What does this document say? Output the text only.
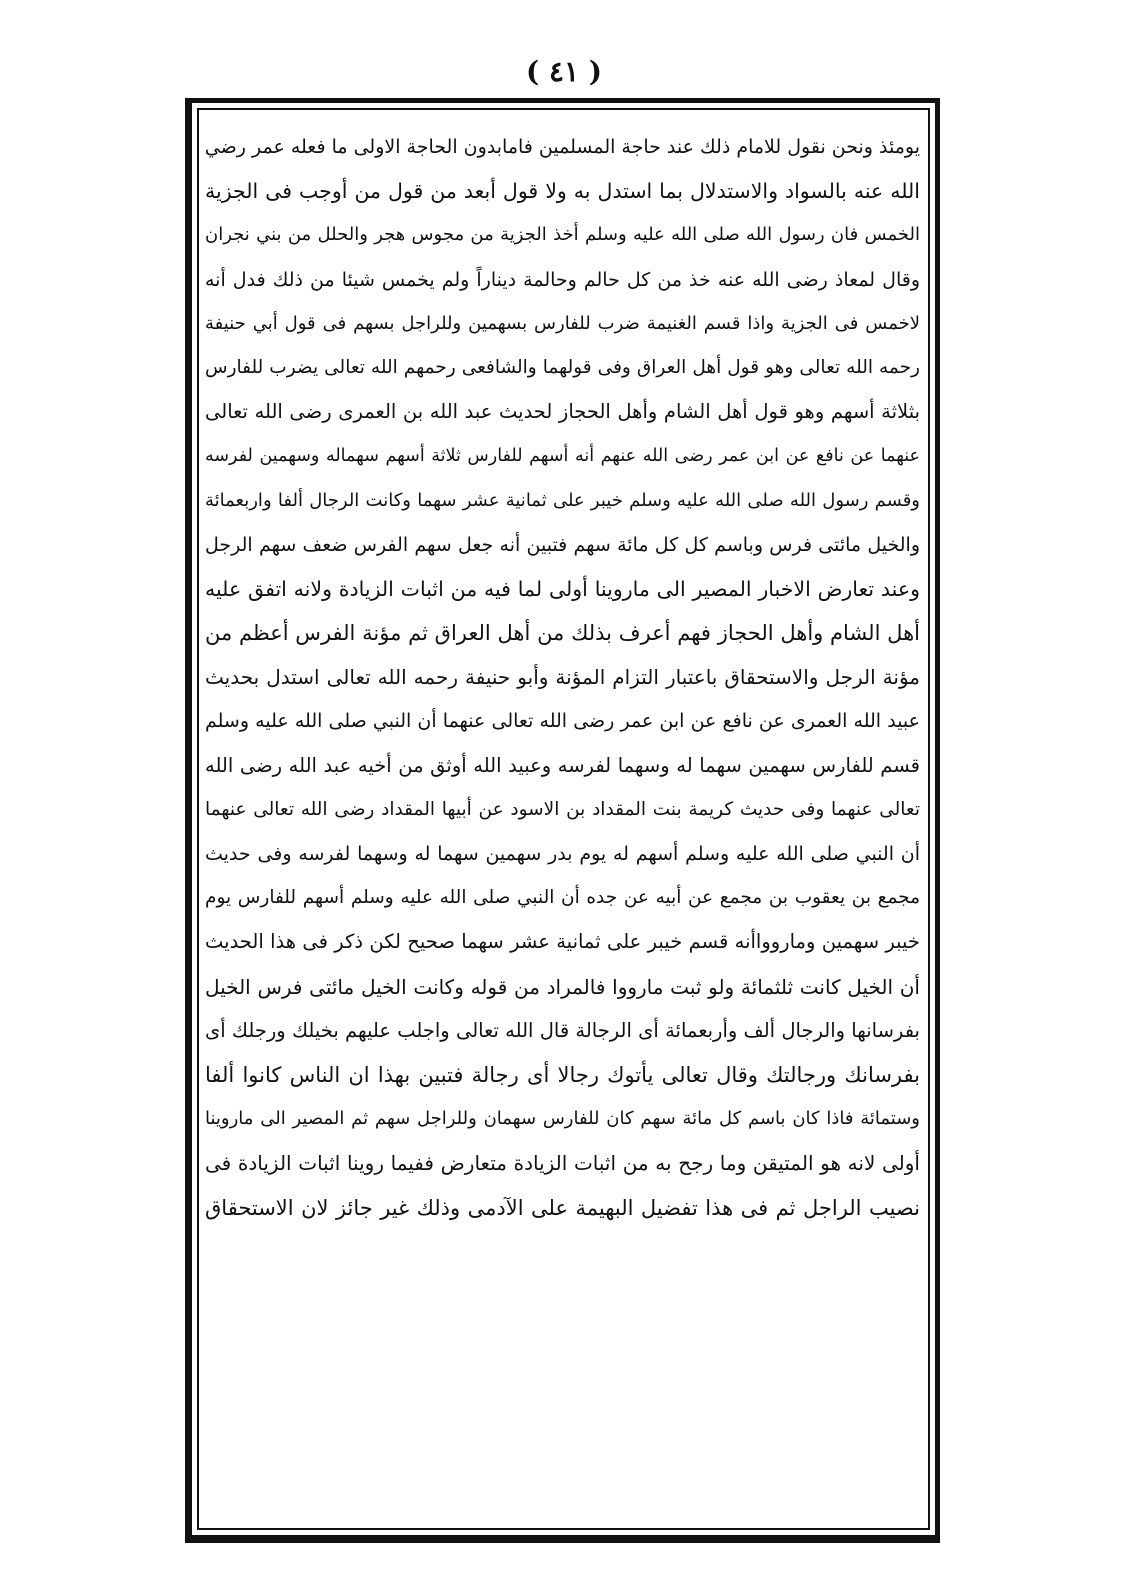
( ٤١ )
يومئذ ونحن نقول للامام ذلك عند حاجة المسلمين فامابدون الحاجة الاولى ما فعله عمر رضي
الله عنه بالسواد والاستدلال بما استدل به ولا قول أبعد من قول من أوجب فى الجزية
الخمس فان رسول الله صلى الله عليه وسلم أخذ الجزية من مجوس هجر والحلل من بني نجران
وقال لمعاذ رضى الله عنه خذ من كل حالم وحالمة ديناراً ولم يخمس شيئا من ذلك فدل أنه
لاخمس فى الجزية واذا قسم الغنيمة ضرب للفارس بسهمين وللراجل بسهم فى قول أبي حنيفة
رحمه الله تعالى وهو قول أهل العراق وفى قولهما والشافعى رحمهم الله تعالى يضرب للفارس
بثلاثة أسهم وهو قول أهل الشام وأهل الحجاز لحديث عبد الله بن العمرى رضى الله تعالى
عنهما عن نافع عن ابن عمر رضى الله عنهم أنه أسهم للفارس ثلاثة أسهم سهماله وسهمين لفرسه
وقسم رسول الله صلى الله عليه وسلم خيبر على ثمانية عشر سهما وكانت الرجال ألفا واربعمائة
والخيل مائتى فرس وباسم كل كل مائة سهم فتبين أنه جعل سهم الفرس ضعف سهم الرجل
وعند تعارض الاخبار المصير الى ماروينا أولى لما فيه من اثبات الزيادة ولانه اتفق عليه
أهل الشام وأهل الحجاز فهم أعرف بذلك من أهل العراق ثم مؤنة الفرس أعظم من
مؤنة الرجل والاستحقاق باعتبار التزام المؤنة وأبو حنيفة رحمه الله تعالى استدل بحديث
عبيد الله العمرى عن نافع عن ابن عمر رضى الله تعالى عنهما أن النبي صلى الله عليه وسلم
قسم للفارس سهمين سهما له وسهما لفرسه وعبيد الله أوثق من أخيه عبد الله رضى الله
تعالى عنهما وفى حديث كريمة بنت المقداد بن الاسود عن أبيها المقداد رضى الله تعالى عنهما
أن النبي صلى الله عليه وسلم أسهم له يوم بدر سهمين سهما له وسهما لفرسه وفى حديث
مجمع بن يعقوب بن مجمع عن أبيه عن جده أن النبي صلى الله عليه وسلم أسهم للفارس يوم
خيبر سهمين وماروواأنه قسم خيبر على ثمانية عشر سهما صحيح لكن ذكر فى هذا الحديث
أن الخيل كانت ثلثمائة ولو ثبت مارووا فالمراد من قوله وكانت الخيل مائتى فرس الخيل
بفرسانها والرجال ألف وأربعمائة أى الرجالة قال الله تعالى واجلب عليهم بخيلك ورجلك أى
بفرسانك ورجالتك وقال تعالى يأتوك رجالا أى رجالة فتبين بهذا ان الناس كانوا ألفا
وستمائة فاذا كان باسم كل مائة سهم كان للفارس سهمان وللراجل سهم ثم المصير الى ماروينا
أولى لانه هو المتيقن وما رجح به من اثبات الزيادة متعارض ففيما روينا اثبات الزيادة فى
نصيب الراجل ثم فى هذا تفضيل البهيمة على الآدمى وذلك غير جائز لان الاستحقاق
